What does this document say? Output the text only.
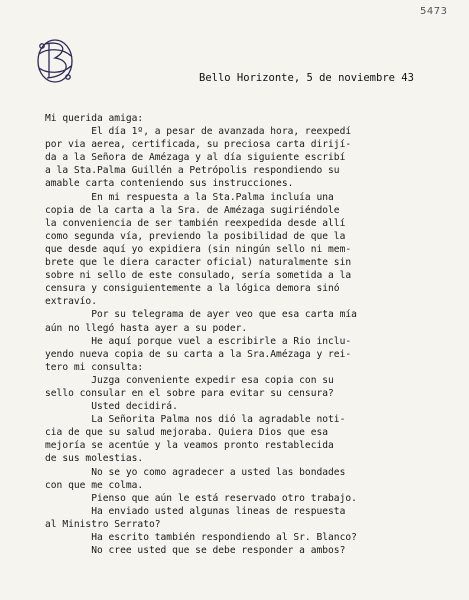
5473
Bello Horizonte, 5 de noviembre 43
Mi querida amiga:
El día 1º, a pesar de avanzada hora, reexpedí
por via aerea, certificada, su preciosa carta dirijí-
da a la Señora de Amézaga y al día siguiente escribí
a la Sta.Palma Guillén a Petrópolis respondiendo su
amable carta conteniendo sus instrucciones.
En mi respuesta a la Sta.Palma incluía una
copia de la carta a la Sra. de Amézaga sugiriéndole
la conveniencia de ser también reexpedida desde allí
como segunda vía, previendo la posibilidad de que la
que desde aquí yo expidiera (sin ningún sello ni mem-
brete que le diera caracter oficial) naturalmente sin
sobre ni sello de este consulado, sería sometida a la
censura y consiguientemente a la lógica demora sinó
extravío.
Por su telegrama de ayer veo que esa carta mía
aún no llegó hasta ayer a su poder.
He aquí porque vuel a escribirle a Rio inclu-
yendo nueva copia de su carta a la Sra.Amézaga y rei-
tero mi consulta:
Juzga conveniente expedir esa copia con su
sello consular en el sobre para evitar su censura?
Usted decidirá.
La Señorita Palma nos dió la agradable noti-
cia de que su salud mejoraba. Quiera Dios que esa
mejoría se acentúe y la veamos pronto restablecida
de sus molestias.
No se yo como agradecer a usted las bondades
con que me colma.
Pienso que aún le está reservado otro trabajo.
Ha enviado usted algunas lineas de respuesta
al Ministro Serrato?
Ha escrito también respondiendo al Sr. Blanco?
No cree usted que se debe responder a ambos?
